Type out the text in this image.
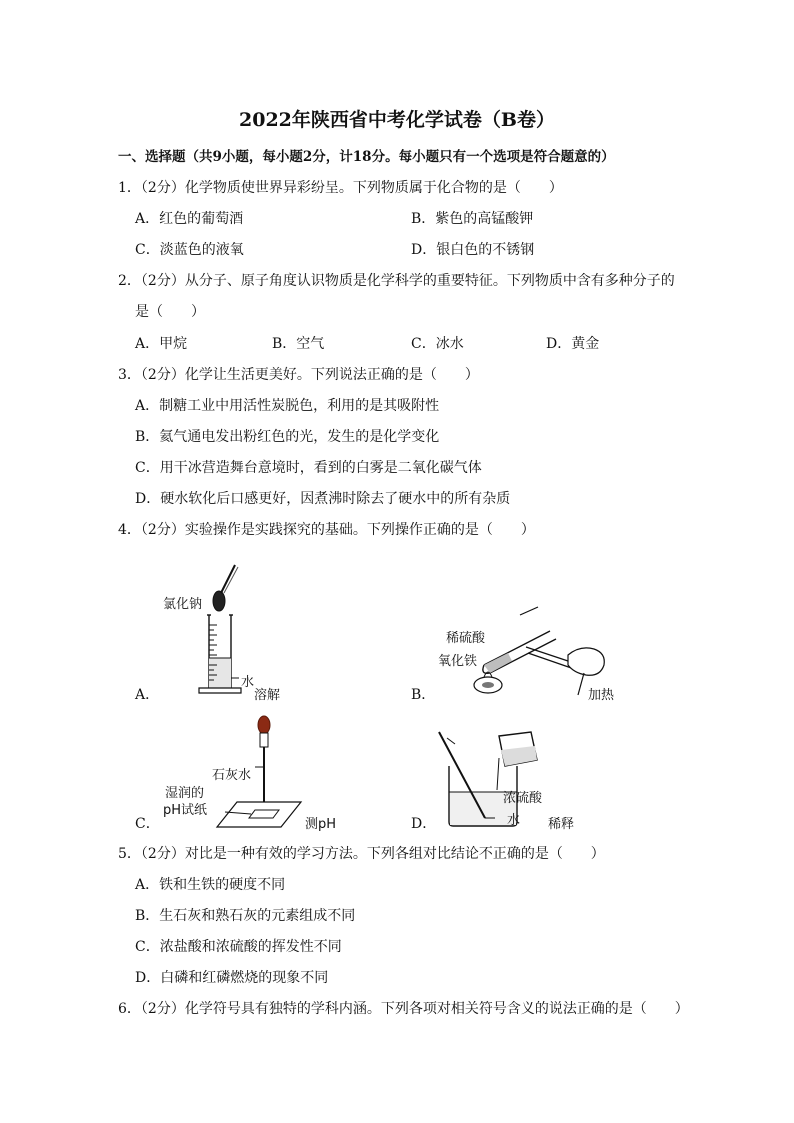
2022年陕西省中考化学试卷（B卷）
一、选择题（共9小题，每小题2分，计18分。每小题只有一个选项是符合题意的）
1．（2分）化学物质使世界异彩纷呈。下列物质属于化合物的是（　　）
A．红色的葡萄酒	B．紫色的高锰酸钾
C．淡蓝色的液氧	D．银白色的不锈钢
2．（2分）从分子、原子角度认识物质是化学科学的重要特征。下列物质中含有多种分子的
是（　　）
A．甲烷	B．空气	C．冰水	D．黄金
3．（2分）化学让生活更美好。下列说法正确的是（　　）
A．制糖工业中用活性炭脱色，利用的是其吸附性
B．氦气通电发出粉红色的光，发生的是化学变化
C．用干冰营造舞台意境时，看到的白雾是二氧化碳气体
D．硬水软化后口感更好，因煮沸时除去了硬水中的所有杂质
4．（2分）实验操作是实践探究的基础。下列操作正确的是（　　）
氯化钠
水
溶解
A．
稀硫酸
氧化铁
加热
B．
石灰水
湿润的
pH试纸
测pH
C．
浓硫酸
水 稀释
D．
5．（2分）对比是一种有效的学习方法。下列各组对比结论不正确的是（　　）
A．铁和生铁的硬度不同
B．生石灰和熟石灰的元素组成不同
C．浓盐酸和浓硫酸的挥发性不同
D．白磷和红磷燃烧的现象不同
6．（2分）化学符号具有独特的学科内涵。下列各项对相关符号含义的说法正确的是（　　）
